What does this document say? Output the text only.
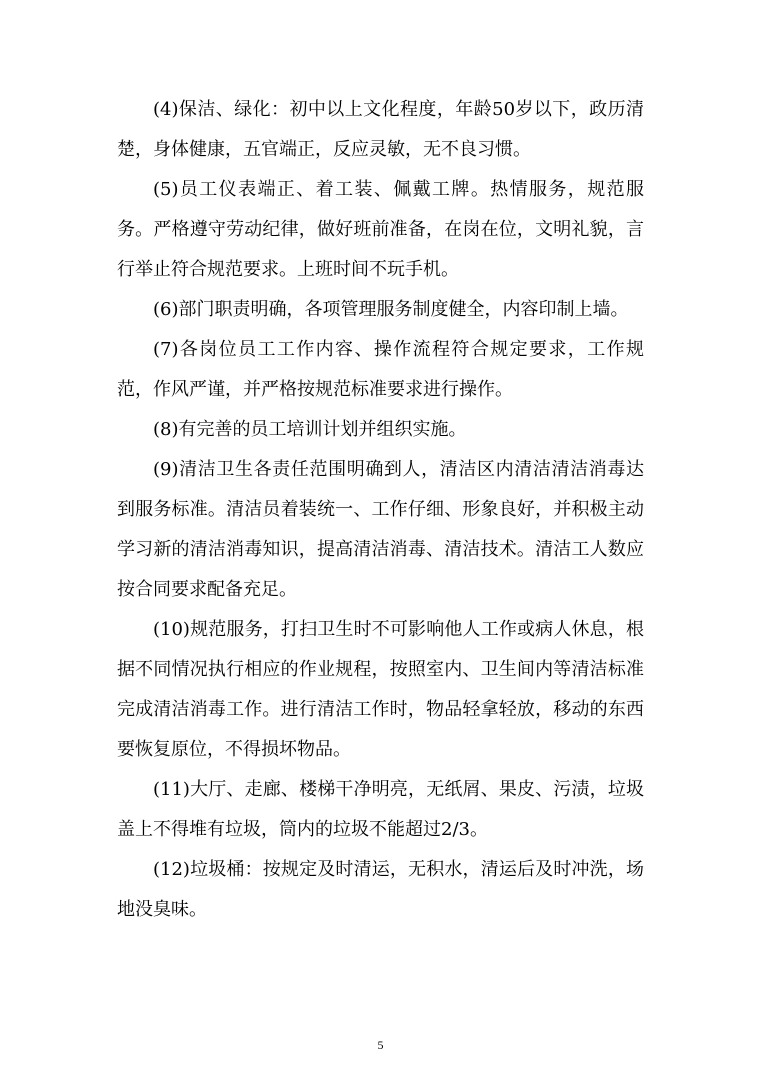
(4)保洁、绿化：初中以上文化程度，年龄50岁以下，政历清楚，身体健康，五官端正，反应灵敏，无不良习惯。

(5)员工仪表端正、着工装、佩戴工牌。热情服务，规范服务。严格遵守劳动纪律，做好班前准备，在岗在位，文明礼貌，言行举止符合规范要求。上班时间不玩手机。

(6)部门职责明确，各项管理服务制度健全，内容印制上墙。

(7)各岗位员工工作内容、操作流程符合规定要求，工作规范，作风严谨，并严格按规范标准要求进行操作。

(8)有完善的员工培训计划并组织实施。

(9)清洁卫生各责任范围明确到人，清洁区内清洁清洁消毒达到服务标准。清洁员着装统一、工作仔细、形象良好，并积极主动学习新的清洁消毒知识，提高清洁消毒、清洁技术。清洁工人数应按合同要求配备充足。

(10)规范服务，打扫卫生时不可影响他人工作或病人休息，根据不同情况执行相应的作业规程，按照室内、卫生间内等清洁标准完成清洁消毒工作。进行清洁工作时，物品轻拿轻放，移动的东西要恢复原位，不得损坏物品。

(11)大厅、走廊、楼梯干净明亮，无纸屑、果皮、污渍，垃圾盖上不得堆有垃圾，筒内的垃圾不能超过2/3。

(12)垃圾桶：按规定及时清运，无积水，清运后及时冲洗，场地没臭味。

5
